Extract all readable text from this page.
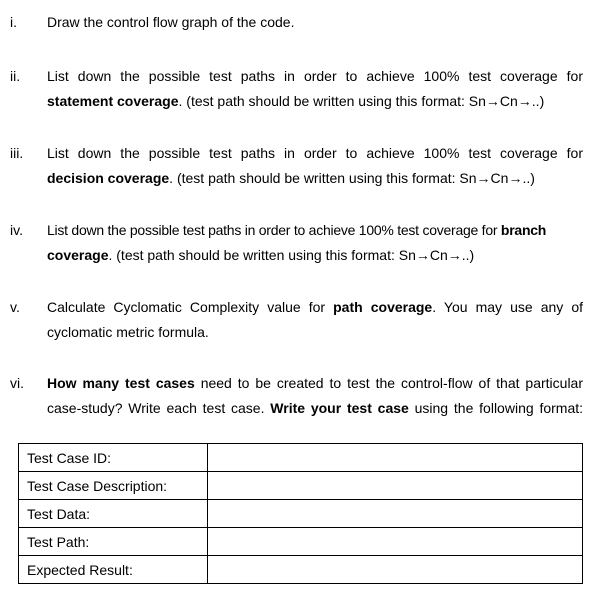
i. Draw the control flow graph of the code.
ii. List down the possible test paths in order to achieve 100% test coverage for
statement coverage. (test path should be written using this format: Sn→Cn→..)
iii. List down the possible test paths in order to achieve 100% test coverage for
decision coverage. (test path should be written using this format: Sn→Cn→..)
iv. List down the possible test paths in order to achieve 100% test coverage for branch
coverage. (test path should be written using this format: Sn→Cn→..)
v. Calculate Cyclomatic Complexity value for path coverage. You may use any of
cyclomatic metric formula.
vi. How many test cases need to be created to test the control-flow of that particular
case-study? Write each test case. Write your test case using the following format:
Test Case ID:	
Test Case Description:	
Test Data:	
Test Path:	
Expected Result:	
